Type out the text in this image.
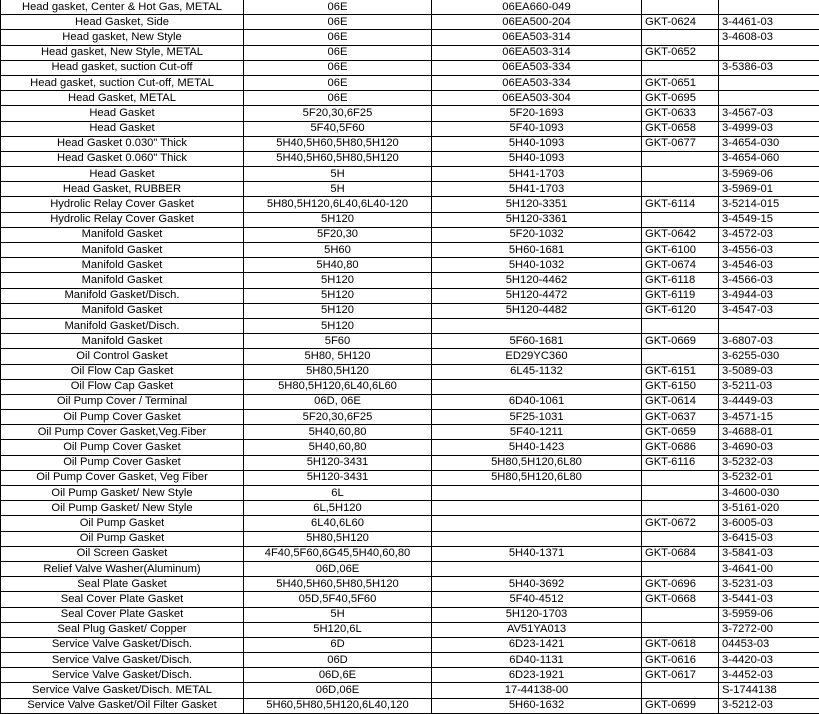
Head gasket, Center & Hot Gas, METAL	06E	06EA660-049		
Head Gasket, Side	06E	06EA500-204	GKT-0624	3-4461-03
Head gasket, New Style	06E	06EA503-314		3-4608-03
Head gasket, New Style, METAL	06E	06EA503-314	GKT-0652	
Head gasket, suction Cut-off	06E	06EA503-334		3-5386-03
Head gasket, suction Cut-off, METAL	06E	06EA503-334	GKT-0651	
Head Gasket, METAL	06E	06EA503-304	GKT-0695	
Head Gasket	5F20,30,6F25	5F20-1693	GKT-0633	3-4567-03
Head Gasket	5F40,5F60	5F40-1093	GKT-0658	3-4999-03
Head Gasket 0.030" Thick	5H40,5H60,5H80,5H120	5H40-1093	GKT-0677	3-4654-030
Head Gasket 0.060" Thick	5H40,5H60,5H80,5H120	5H40-1093		3-4654-060
Head Gasket	5H	5H41-1703		3-5969-06
Head Gasket, RUBBER	5H	5H41-1703		3-5969-01
Hydrolic Relay Cover Gasket	5H80,5H120,6L40,6L40-120	5H120-3351	GKT-6114	3-5214-015
Hydrolic Relay Cover Gasket	5H120	5H120-3361		3-4549-15
Manifold Gasket	5F20,30	5F20-1032	GKT-0642	3-4572-03
Manifold Gasket	5H60	5H60-1681	GKT-6100	3-4556-03
Manifold Gasket	5H40,80	5H40-1032	GKT-0674	3-4546-03
Manifold Gasket	5H120	5H120-4462	GKT-6118	3-4566-03
Manifold Gasket/Disch.	5H120	5H120-4472	GKT-6119	3-4944-03
Manifold Gasket	5H120	5H120-4482	GKT-6120	3-4547-03
Manifold Gasket/Disch.	5H120			
Manifold Gasket	5F60	5F60-1681	GKT-0669	3-6807-03
Oil Control Gasket	5H80, 5H120	ED29YC360		3-6255-030
Oil Flow Cap Gasket	5H80,5H120	6L45-1132	GKT-6151	3-5089-03
Oil Flow Cap Gasket	5H80,5H120,6L40,6L60		GKT-6150	3-5211-03
Oil Pump Cover / Terminal	06D, 06E	6D40-1061	GKT-0614	3-4449-03
Oil Pump Cover Gasket	5F20,30,6F25	5F25-1031	GKT-0637	3-4571-15
Oil Pump Cover Gasket,Veg.Fiber	5H40,60,80	5F40-1211	GKT-0659	3-4688-01
Oil Pump Cover Gasket	5H40,60,80	5H40-1423	GKT-0686	3-4690-03
Oil Pump Cover Gasket	5H120-3431	5H80,5H120,6L80	GKT-6116	3-5232-03
Oil Pump Cover Gasket, Veg Fiber	5H120-3431	5H80,5H120,6L80		3-5232-01
Oil Pump Gasket/ New Style	6L			3-4600-030
Oil Pump Gasket/ New Style	6L,5H120			3-5161-020
Oil Pump Gasket	6L40,6L60		GKT-0672	3-6005-03
Oil Pump Gasket	5H80,5H120			3-6415-03
Oil Screen Gasket	4F40,5F60,6G45,5H40,60,80	5H40-1371	GKT-0684	3-5841-03
Relief Valve Washer(Aluminum)	06D,06E			3-4641-00
Seal Plate Gasket	5H40,5H60,5H80,5H120	5H40-3692	GKT-0696	3-5231-03
Seal Cover Plate Gasket	05D,5F40,5F60	5F40-4512	GKT-0668	3-5441-03
Seal Cover Plate Gasket	5H	5H120-1703		3-5959-06
Seal Plug Gasket/ Copper	5H120,6L	AV51YA013		3-7272-00
Service Valve Gasket/Disch.	6D	6D23-1421	GKT-0618	04453-03
Service Valve Gasket/Disch.	06D	6D40-1131	GKT-0616	3-4420-03
Service Valve Gasket/Disch.	06D,6E	6D23-1921	GKT-0617	3-4452-03
Service Valve Gasket/Disch. METAL	06D,06E	17-44138-00		S-1744138
Service Valve Gasket/Oil Filter Gasket	5H60,5H80,5H120,6L40,120	5H60-1632	GKT-0699	3-5212-03
